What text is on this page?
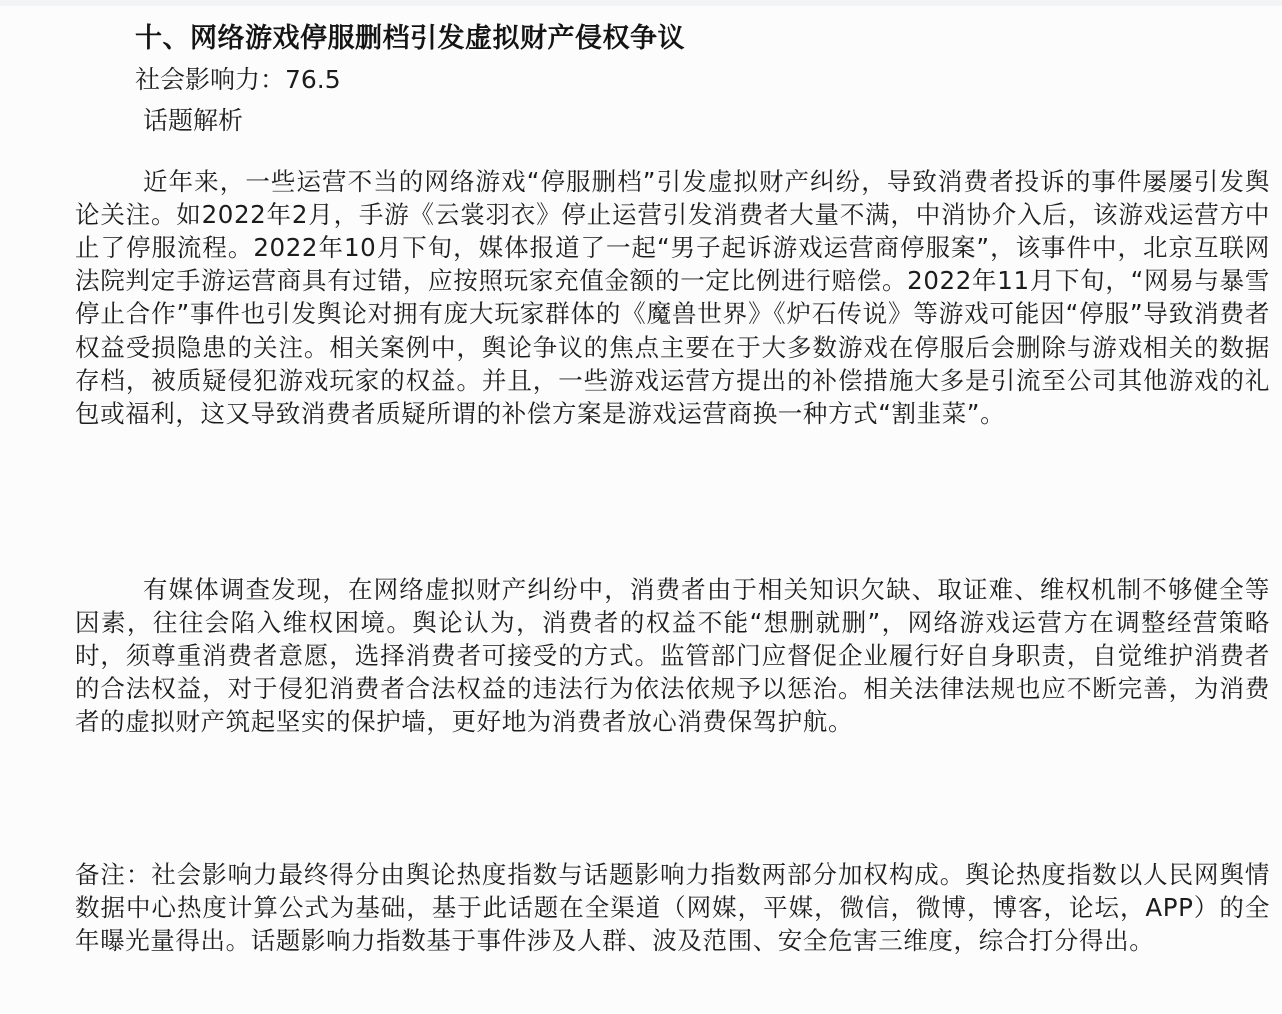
十、网络游戏停服删档引发虚拟财产侵权争议
社会影响力：76.5
话题解析

近年来，一些运营不当的网络游戏“停服删档”引发虚拟财产纠纷，导致消费者投诉的事件屡屡引发舆论关注。如2022年2月，手游《云裳羽衣》停止运营引发消费者大量不满，中消协介入后，该游戏运营方中止了停服流程。2022年10月下旬，媒体报道了一起“男子起诉游戏运营商停服案”，该事件中，北京互联网法院判定手游运营商具有过错，应按照玩家充值金额的一定比例进行赔偿。2022年11月下旬，“网易与暴雪停止合作”事件也引发舆论对拥有庞大玩家群体的《魔兽世界》《炉石传说》等游戏可能因“停服”导致消费者权益受损隐患的关注。相关案例中，舆论争议的焦点主要在于大多数游戏在停服后会删除与游戏相关的数据存档，被质疑侵犯游戏玩家的权益。并且，一些游戏运营方提出的补偿措施大多是引流至公司其他游戏的礼包或福利，这又导致消费者质疑所谓的补偿方案是游戏运营商换一种方式“割韭菜”。

有媒体调查发现，在网络虚拟财产纠纷中，消费者由于相关知识欠缺、取证难、维权机制不够健全等因素，往往会陷入维权困境。舆论认为，消费者的权益不能“想删就删”，网络游戏运营方在调整经营策略时，须尊重消费者意愿，选择消费者可接受的方式。监管部门应督促企业履行好自身职责，自觉维护消费者的合法权益，对于侵犯消费者合法权益的违法行为依法依规予以惩治。相关法律法规也应不断完善，为消费者的虚拟财产筑起坚实的保护墙，更好地为消费者放心消费保驾护航。

备注：社会影响力最终得分由舆论热度指数与话题影响力指数两部分加权构成。舆论热度指数以人民网舆情数据中心热度计算公式为基础，基于此话题在全渠道（网媒，平媒，微信，微博，博客，论坛，APP）的全年曝光量得出。话题影响力指数基于事件涉及人群、波及范围、安全危害三维度，综合打分得出。
